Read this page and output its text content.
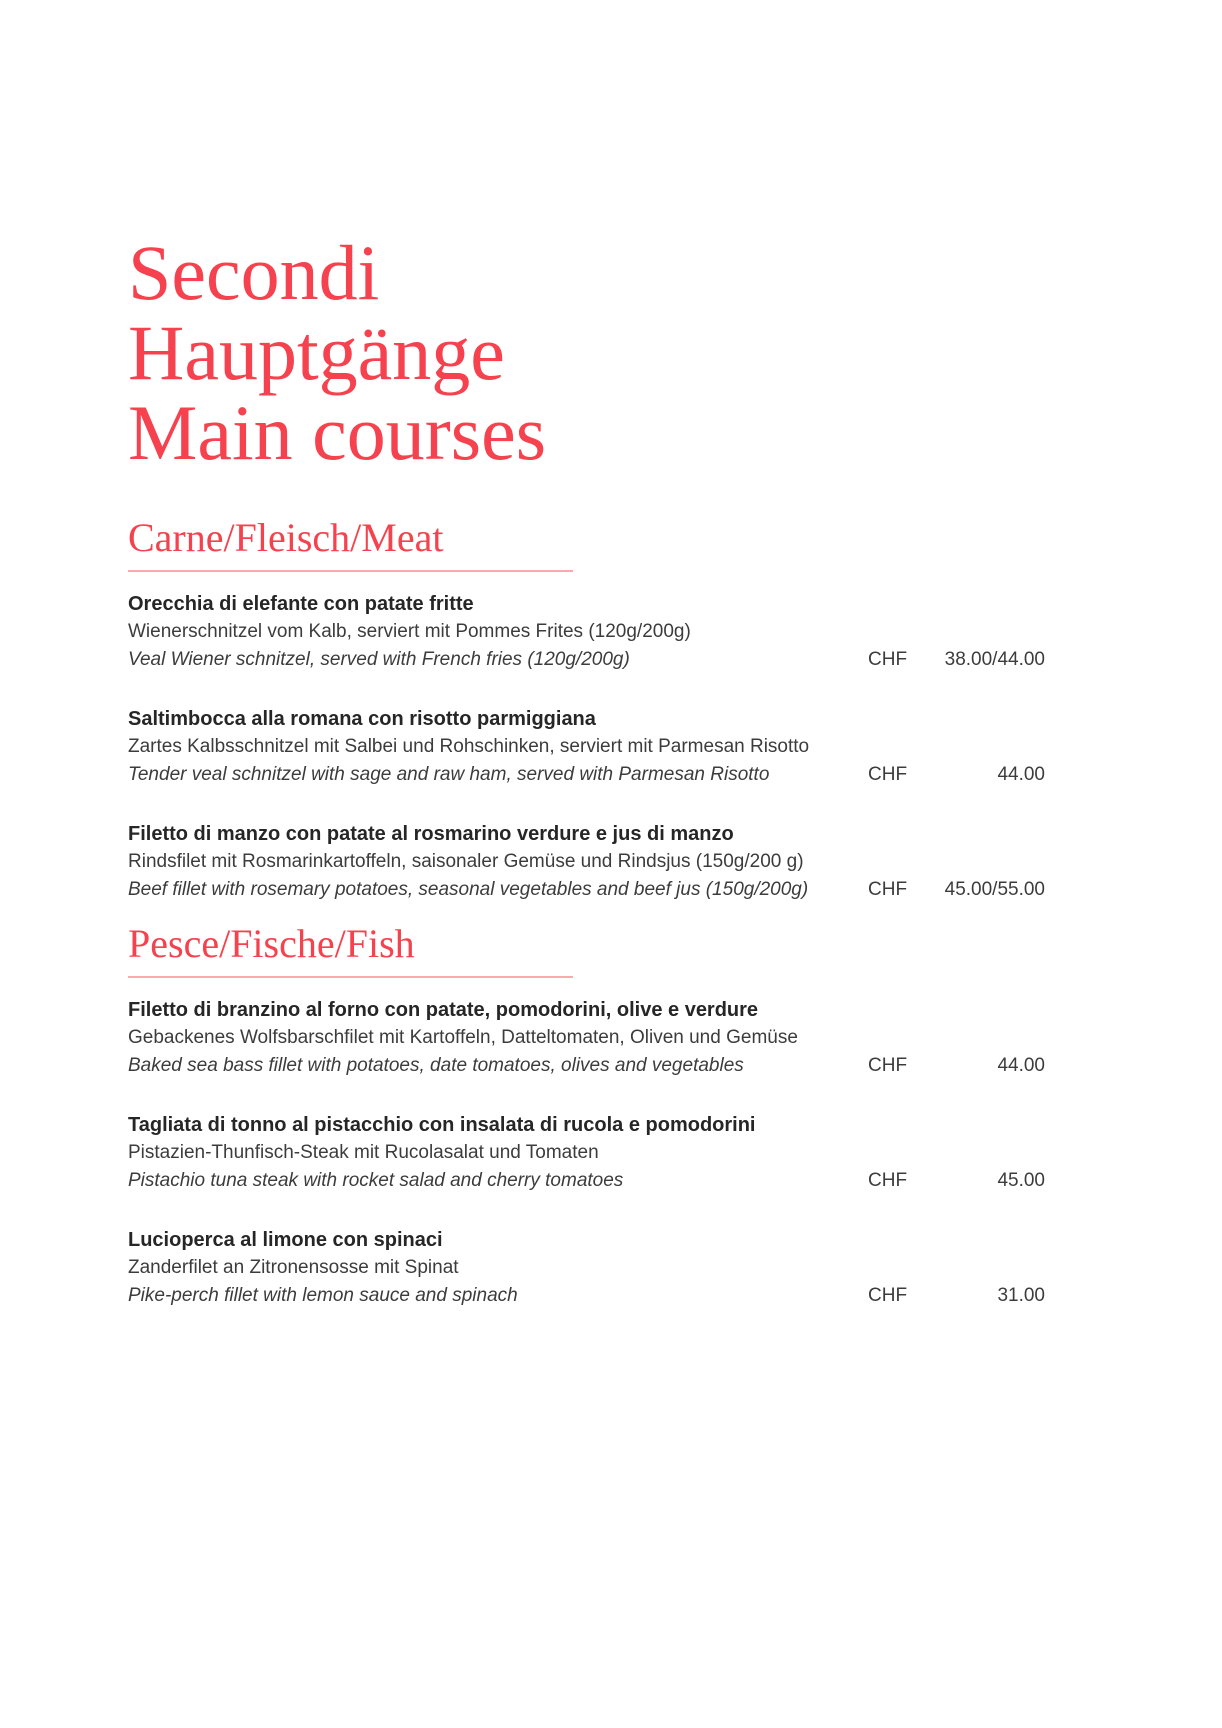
Secondi
Hauptgänge
Main courses
Carne/Fleisch/Meat
Orecchia di elefante con patate fritte
Wienerschnitzel vom Kalb, serviert mit Pommes Frites (120g/200g)
Veal Wiener schnitzel, served with French fries (120g/200g)	CHF	38.00/44.00
Saltimbocca alla romana con risotto parmiggiana
Zartes Kalbsschnitzel mit Salbei und Rohschinken, serviert mit Parmesan Risotto
Tender veal schnitzel with sage and raw ham, served with Parmesan Risotto	CHF	44.00
Filetto di manzo con patate al rosmarino verdure e jus di manzo
Rindsfilet mit Rosmarinkartoffeln, saisonaler Gemüse und Rindsjus (150g/200 g)
Beef fillet with rosemary potatoes, seasonal vegetables and beef jus (150g/200g)	CHF	45.00/55.00
Pesce/Fische/Fish
Filetto di branzino al forno con patate, pomodorini, olive e verdure
Gebackenes Wolfsbarschfilet mit Kartoffeln, Datteltomaten, Oliven und Gemüse
Baked sea bass fillet with potatoes, date tomatoes, olives and vegetables	CHF	44.00
Tagliata di tonno al pistacchio con insalata di rucola e pomodorini
Pistazien-Thunfisch-Steak mit Rucolasalat und Tomaten
Pistachio tuna steak with rocket salad and cherry tomatoes	CHF	45.00
Lucioperca al limone con spinaci
Zanderfilet an Zitronensosse mit Spinat
Pike-perch fillet with lemon sauce and spinach	CHF	31.00
